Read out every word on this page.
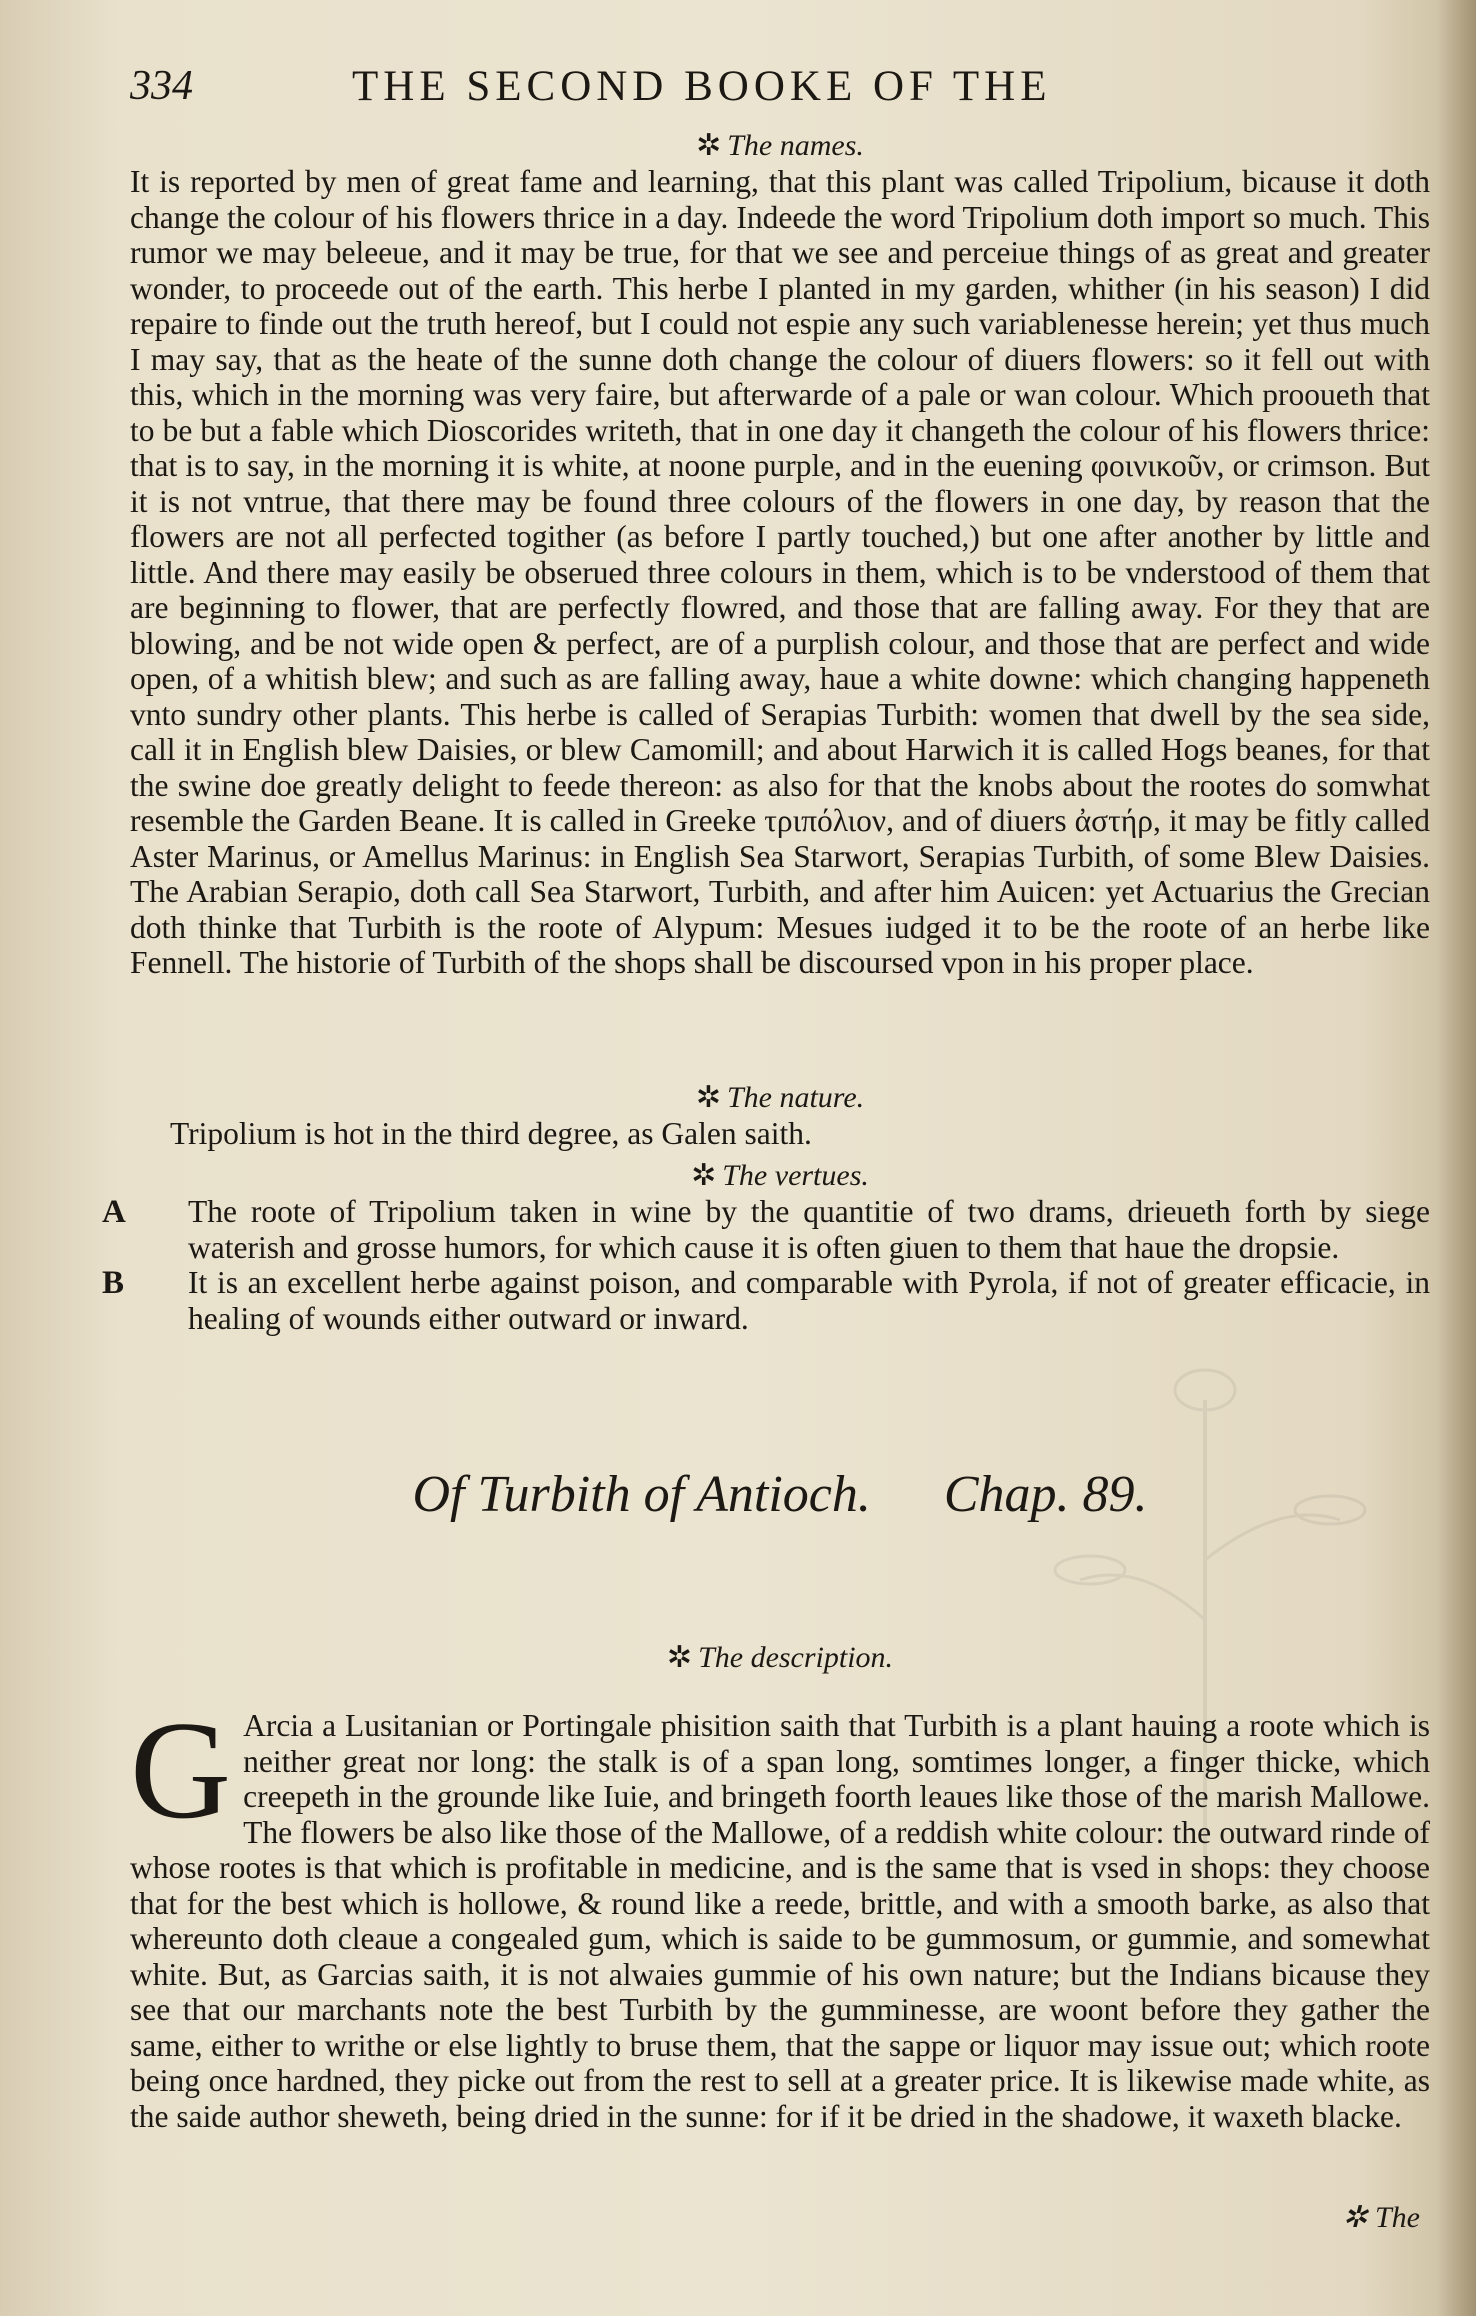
334	THE SECOND BOOKE OF THE

✲ The names.

It is reported by men of great fame and learning, that this plant was called Tripolium, bicause it doth change the colour of his flowers thrice in a day. Indeede the word Tripolium doth import so much. This rumor we may beleeue, and it may be true, for that we see and perceiue things of as great and greater wonder, to proceede out of the earth. This herbe I planted in my garden, whither (in his season) I did repaire to finde out the truth hereof, but I could not espie any such variablenesse herein; yet thus much I may say, that as the heate of the sunne doth change the colour of diuers flowers: so it fell out with this, which in the morning was very faire, but afterwarde of a pale or wan colour. Which prooueth that to be but a fable which Dioscorides writeth, that in one day it changeth the colour of his flowers thrice: that is to say, in the morning it is white, at noone purple, and in the euening φοινικοῦν, or crimson. But it is not vntrue, that there may be found three colours of the flowers in one day, by reason that the flowers are not all perfected togither (as before I partly touched,) but one after another by little and little. And there may easily be obserued three colours in them, which is to be vnderstood of them that are beginning to flower, that are perfectly flowred, and those that are falling away. For they that are blowing, and be not wide open & perfect, are of a purplish colour, and those that are perfect and wide open, of a whitish blew; and such as are falling away, haue a white downe: which changing happeneth vnto sundry other plants. This herbe is called of Serapias Turbith: women that dwell by the sea side, call it in English blew Daisies, or blew Camomill; and about Harwich it is called Hogs beanes, for that the swine doe greatly delight to feede thereon: as also for that the knobs about the rootes do somwhat resemble the Garden Beane. It is called in Greeke τριπόλιον, and of diuers ἀστήρ, it may be fitly called Aster Marinus, or Amellus Marinus: in English Sea Starwort, Serapias Turbith, of some Blew Daisies. The Arabian Serapio, doth call Sea Starwort, Turbith, and after him Auicen: yet Actuarius the Grecian doth thinke that Turbith is the roote of Alypum: Mesues iudged it to be the roote of an herbe like Fennell. The historie of Turbith of the shops shall be discoursed vpon in his proper place.

✲ The nature.

Tripolium is hot in the third degree, as Galen saith.

✲ The vertues.

A The roote of Tripolium taken in wine by the quantitie of two drams, drieueth forth by siege waterish and grosse humors, for which cause it is often giuen to them that haue the dropsie.

B It is an excellent herbe against poison, and comparable with Pyrola, if not of greater efficacie, in healing of wounds either outward or inward.

Of Turbith of Antioch. Chap. 89.

✲ The description.

G Arcia a Lusitanian or Portingale phisition saith that Turbith is a plant hauing a roote which is neither great nor long: the stalk is of a span long, somtimes longer, a finger thicke, which creepeth in the grounde like Iuie, and bringeth foorth leaues like those of the marish Mallowe. The flowers be also like those of the Mallowe, of a reddish white colour: the outward rinde of whose rootes is that which is profitable in medicine, and is the same that is vsed in shops: they choose that for the best which is hollowe, & round like a reede, brittle, and with a smooth barke, as also that whereunto doth cleaue a congealed gum, which is saide to be gummosum, or gummie, and somewhat white. But, as Garcias saith, it is not alwaies gummie of his own nature; but the Indians bicause they see that our marchants note the best Turbith by the gumminesse, are woont before they gather the same, either to writhe or else lightly to bruse them, that the sappe or liquor may issue out; which roote being once hardned, they picke out from the rest to sell at a greater price. It is likewise made white, as the saide author sheweth, being dried in the sunne: for if it be dried in the shadowe, it waxeth blacke.

✲ The
